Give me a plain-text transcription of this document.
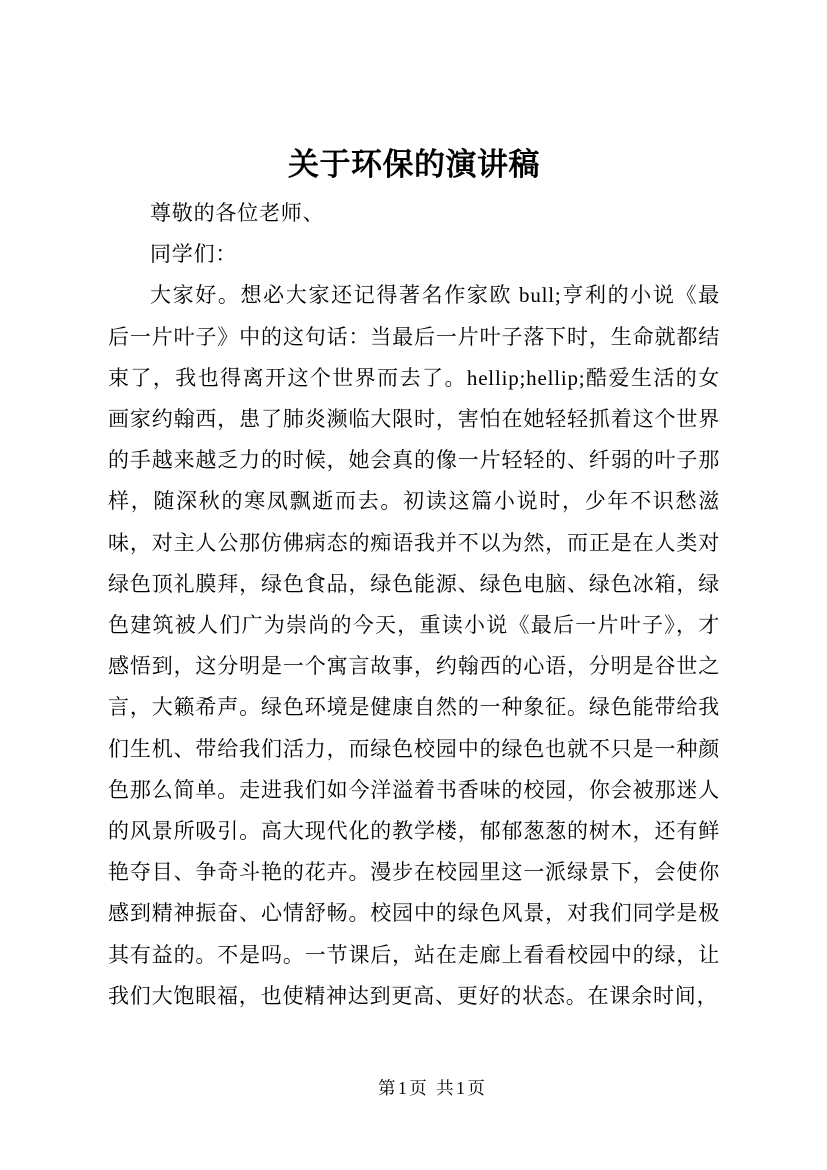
关于环保的演讲稿

尊敬的各位老师、

同学们：

大家好。想必大家还记得著名作家欧 bull;亨利的小说《最后一片叶子》中的这句话：当最后一片叶子落下时，生命就都结束了，我也得离开这个世界而去了。hellip;hellip;酷爱生活的女画家约翰西，患了肺炎濒临大限时，害怕在她轻轻抓着这个世界的手越来越乏力的时候，她会真的像一片轻轻的、纤弱的叶子那样，随深秋的寒凤飘逝而去。初读这篇小说时，少年不识愁滋味，对主人公那仿佛病态的痴语我并不以为然，而正是在人类对绿色顶礼膜拜，绿色食品，绿色能源、绿色电脑、绿色冰箱，绿色建筑被人们广为崇尚的今天，重读小说《最后一片叶子》，才感悟到，这分明是一个寓言故事，约翰西的心语，分明是谷世之言，大籁希声。绿色环境是健康自然的一种象征。绿色能带给我们生机、带给我们活力，而绿色校园中的绿色也就不只是一种颜色那么简单。走进我们如今洋溢着书香味的校园，你会被那迷人的风景所吸引。高大现代化的教学楼，郁郁葱葱的树木，还有鲜艳夺目、争奇斗艳的花卉。漫步在校园里这一派绿景下，会使你感到精神振奋、心情舒畅。校园中的绿色风景，对我们同学是极其有益的。不是吗。一节课后，站在走廊上看看校园中的绿，让我们大饱眼福，也使精神达到更高、更好的状态。在课余时间，

第1页 共1页
